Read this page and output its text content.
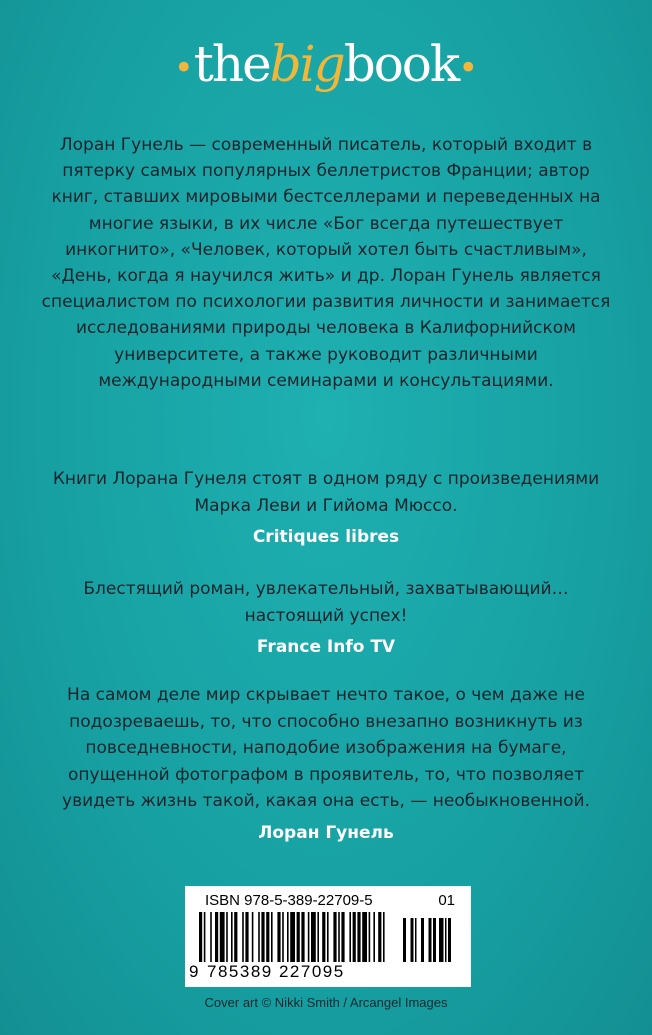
•thebigbook•

Лоран Гунель — современный писатель, который входит в пятерку самых популярных беллетристов Франции; автор книг, ставших мировыми бестселлерами и переведенных на многие языки, в их числе «Бог всегда путешествует инкогнито», «Человек, который хотел быть счастливым», «День, когда я научился жить» и др. Лоран Гунель является специалистом по психологии развития личности и занимается исследованиями природы человека в Калифорнийском университете, а также руководит различными международными семинарами и консультациями.

Книги Лорана Гунеля стоят в одном ряду с произведениями Марка Леви и Гийома Мюссо.
Critiques libres
Блестящий роман, увлекательный, захватывающий… настоящий успех!
France Info TV
На самом деле мир скрывает нечто такое, о чем даже не подозреваешь, то, что способно внезапно возникнуть из повседневности, наподобие изображения на бумаге, опущенной фотографом в проявитель, то, что позволяет увидеть жизнь такой, какая она есть, — необыкновенной.
Лоран Гунель
ISBN 978-5-389-22709-5	01
9 785389 227095
Cover art © Nikki Smith / Arcangel Images
